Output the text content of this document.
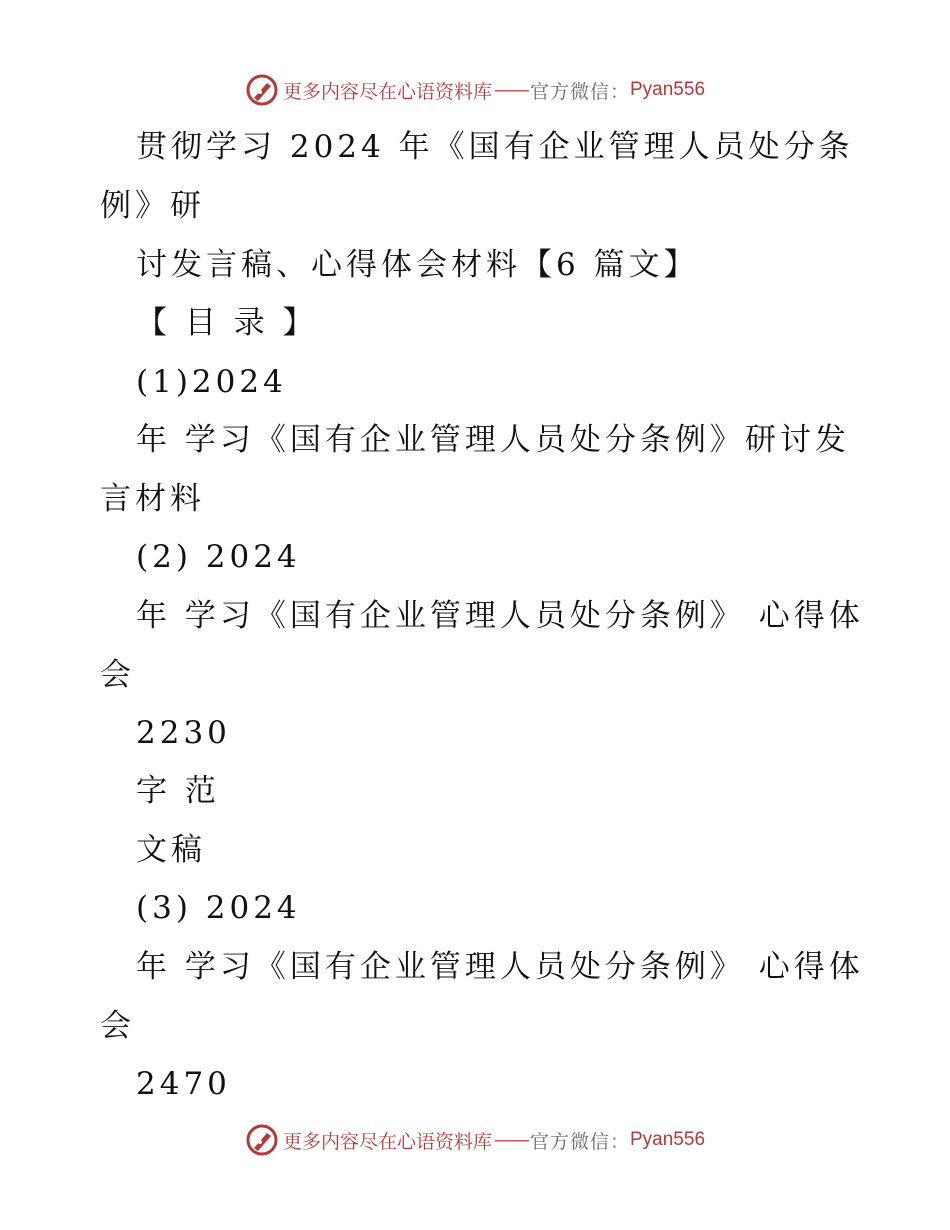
更多内容尽在心语资料库 —— 官方微信： Pyan556
贯彻学习 2024 年《国有企业管理人员处分条
例》研
讨发言稿、心得体会材料【6 篇文】
【 目 录 】
(1)2024
年 学习《国有企业管理人员处分条例》研讨发
言材料
(2) 2024
年 学习《国有企业管理人员处分条例》 心得体
会
2230
字 范
文稿
(3) 2024
年 学习《国有企业管理人员处分条例》 心得体
会
2470
更多内容尽在心语资料库 —— 官方微信： Pyan556
